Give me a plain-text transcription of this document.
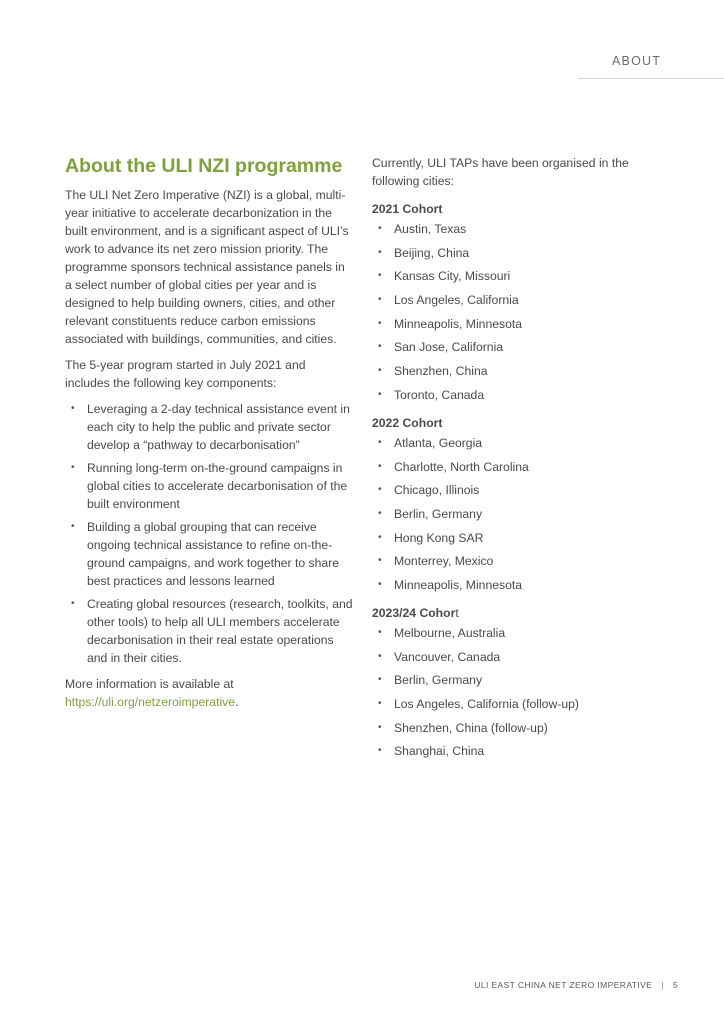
ABOUT
About the ULI NZI programme

The ULI Net Zero Imperative (NZI) is a global, multi-year initiative to accelerate decarbonization in the built environment, and is a significant aspect of ULI’s work to advance its net zero mission priority. The programme sponsors technical assistance panels in a select number of global cities per year and is designed to help building owners, cities, and other relevant constituents reduce carbon emissions associated with buildings, communities, and cities.

The 5-year program started in July 2021 and includes the following key components:

• Leveraging a 2-day technical assistance event in each city to help the public and private sector develop a “pathway to decarbonisation”
• Running long-term on-the-ground campaigns in global cities to accelerate decarbonisation of the built environment
• Building a global grouping that can receive ongoing technical assistance to refine on-the-ground campaigns, and work together to share best practices and lessons learned
• Creating global resources (research, toolkits, and other tools) to help all ULI members accelerate decarbonisation in their real estate operations and in their cities.

More information is available at https://uli.org/netzeroimperative.

Currently, ULI TAPs have been organised in the following cities:

2021 Cohort
• Austin, Texas
• Beijing, China
• Kansas City, Missouri
• Los Angeles, California
• Minneapolis, Minnesota
• San Jose, California
• Shenzhen, China
• Toronto, Canada
2022 Cohort
• Atlanta, Georgia
• Charlotte, North Carolina
• Chicago, Illinois
• Berlin, Germany
• Hong Kong SAR
• Monterrey, Mexico
• Minneapolis, Minnesota
2023/24 Cohort
• Melbourne, Australia
• Vancouver, Canada
• Berlin, Germany
• Los Angeles, California (follow-up)
• Shenzhen, China (follow-up)
• Shanghai, China
ULI EAST CHINA NET ZERO IMPERATIVE | 5
